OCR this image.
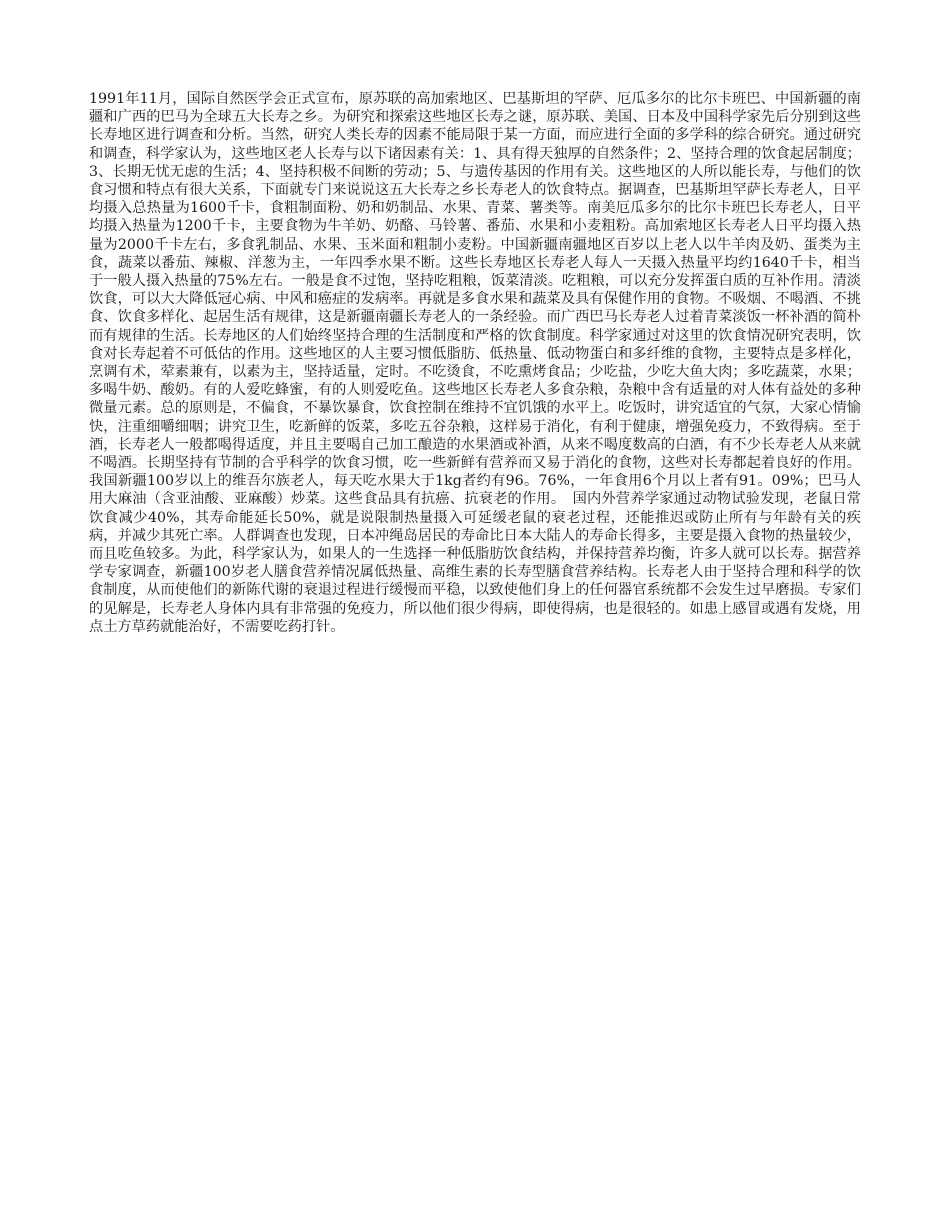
1991年11月，国际自然医学会正式宣布，原苏联的高加索地区、巴基斯坦的罕萨、厄瓜多尔的比尔卡班巴、中国新疆的南疆和广西的巴马为全球五大长寿之乡。为研究和探索这些地区长寿之谜，原苏联、美国、日本及中国科学家先后分别到这些长寿地区进行调查和分析。当然，研究人类长寿的因素不能局限于某一方面，而应进行全面的多学科的综合研究。通过研究和调查，科学家认为，这些地区老人长寿与以下诸因素有关：1、具有得天独厚的自然条件；2、坚持合理的饮食起居制度；3、长期无忧无虑的生活；4、坚持积极不间断的劳动；5、与遗传基因的作用有关。这些地区的人所以能长寿，与他们的饮食习惯和特点有很大关系，下面就专门来说说这五大长寿之乡长寿老人的饮食特点。据调查，巴基斯坦罕萨长寿老人，日平均摄入总热量为1600千卡，食粗制面粉、奶和奶制品、水果、青菜、薯类等。南美厄瓜多尔的比尔卡班巴长寿老人，日平均摄入热量为1200千卡，主要食物为牛羊奶、奶酪、马铃薯、番茄、水果和小麦粗粉。高加索地区长寿老人日平均摄入热量为2000千卡左右，多食乳制品、水果、玉米面和粗制小麦粉。中国新疆南疆地区百岁以上老人以牛羊肉及奶、蛋类为主食，蔬菜以番茄、辣椒、洋葱为主，一年四季水果不断。这些长寿地区长寿老人每人一天摄入热量平均约1640千卡，相当于一般人摄入热量的75%左右。一般是食不过饱，坚持吃粗粮，饭菜清淡。吃粗粮，可以充分发挥蛋白质的互补作用。清淡饮食，可以大大降低冠心病、中风和癌症的发病率。再就是多食水果和蔬菜及具有保健作用的食物。不吸烟、不喝酒、不挑食、饮食多样化、起居生活有规律，这是新疆南疆长寿老人的一条经验。而广西巴马长寿老人过着青菜淡饭一杯补酒的简朴而有规律的生活。长寿地区的人们始终坚持合理的生活制度和严格的饮食制度。科学家通过对这里的饮食情况研究表明，饮食对长寿起着不可低估的作用。这些地区的人主要习惯低脂肪、低热量、低动物蛋白和多纤维的食物，主要特点是多样化，烹调有术，荤素兼有，以素为主，坚持适量，定时。不吃烫食，不吃熏烤食品；少吃盐，少吃大鱼大肉；多吃蔬菜，水果；多喝牛奶、酸奶。有的人爱吃蜂蜜，有的人则爱吃鱼。这些地区长寿老人多食杂粮，杂粮中含有适量的对人体有益处的多种微量元素。总的原则是，不偏食，不暴饮暴食，饮食控制在维持不宜饥饿的水平上。吃饭时，讲究适宜的气氛，大家心情愉快，注重细嚼细咽；讲究卫生，吃新鲜的饭菜，多吃五谷杂粮，这样易于消化，有利于健康，增强免疫力，不致得病。至于酒，长寿老人一般都喝得适度，并且主要喝自己加工酿造的水果酒或补酒，从来不喝度数高的白酒，有不少长寿老人从来就不喝酒。长期坚持有节制的合乎科学的饮食习惯，吃一些新鲜有营养而又易于消化的食物，这些对长寿都起着良好的作用。我国新疆100岁以上的维吾尔族老人，每天吃水果大于1kg者约有96。76%，一年食用6个月以上者有91。09%；巴马人用大麻油（含亚油酸、亚麻酸）炒菜。这些食品具有抗癌、抗衰老的作用。　国内外营养学家通过动物试验发现，老鼠日常饮食减少40%，其寿命能延长50%，就是说限制热量摄入可延缓老鼠的衰老过程，还能推迟或防止所有与年龄有关的疾病，并减少其死亡率。人群调查也发现，日本冲绳岛居民的寿命比日本大陆人的寿命长得多，主要是摄入食物的热量较少，而且吃鱼较多。为此，科学家认为，如果人的一生选择一种低脂肪饮食结构，并保持营养均衡，许多人就可以长寿。据营养学专家调查，新疆100岁老人膳食营养情况属低热量、高维生素的长寿型膳食营养结构。长寿老人由于坚持合理和科学的饮食制度，从而使他们的新陈代谢的衰退过程进行缓慢而平稳，以致使他们身上的任何器官系统都不会发生过早磨损。专家们的见解是，长寿老人身体内具有非常强的免疫力，所以他们很少得病，即使得病，也是很轻的。如患上感冒或遇有发烧，用点土方草药就能治好，不需要吃药打针。
